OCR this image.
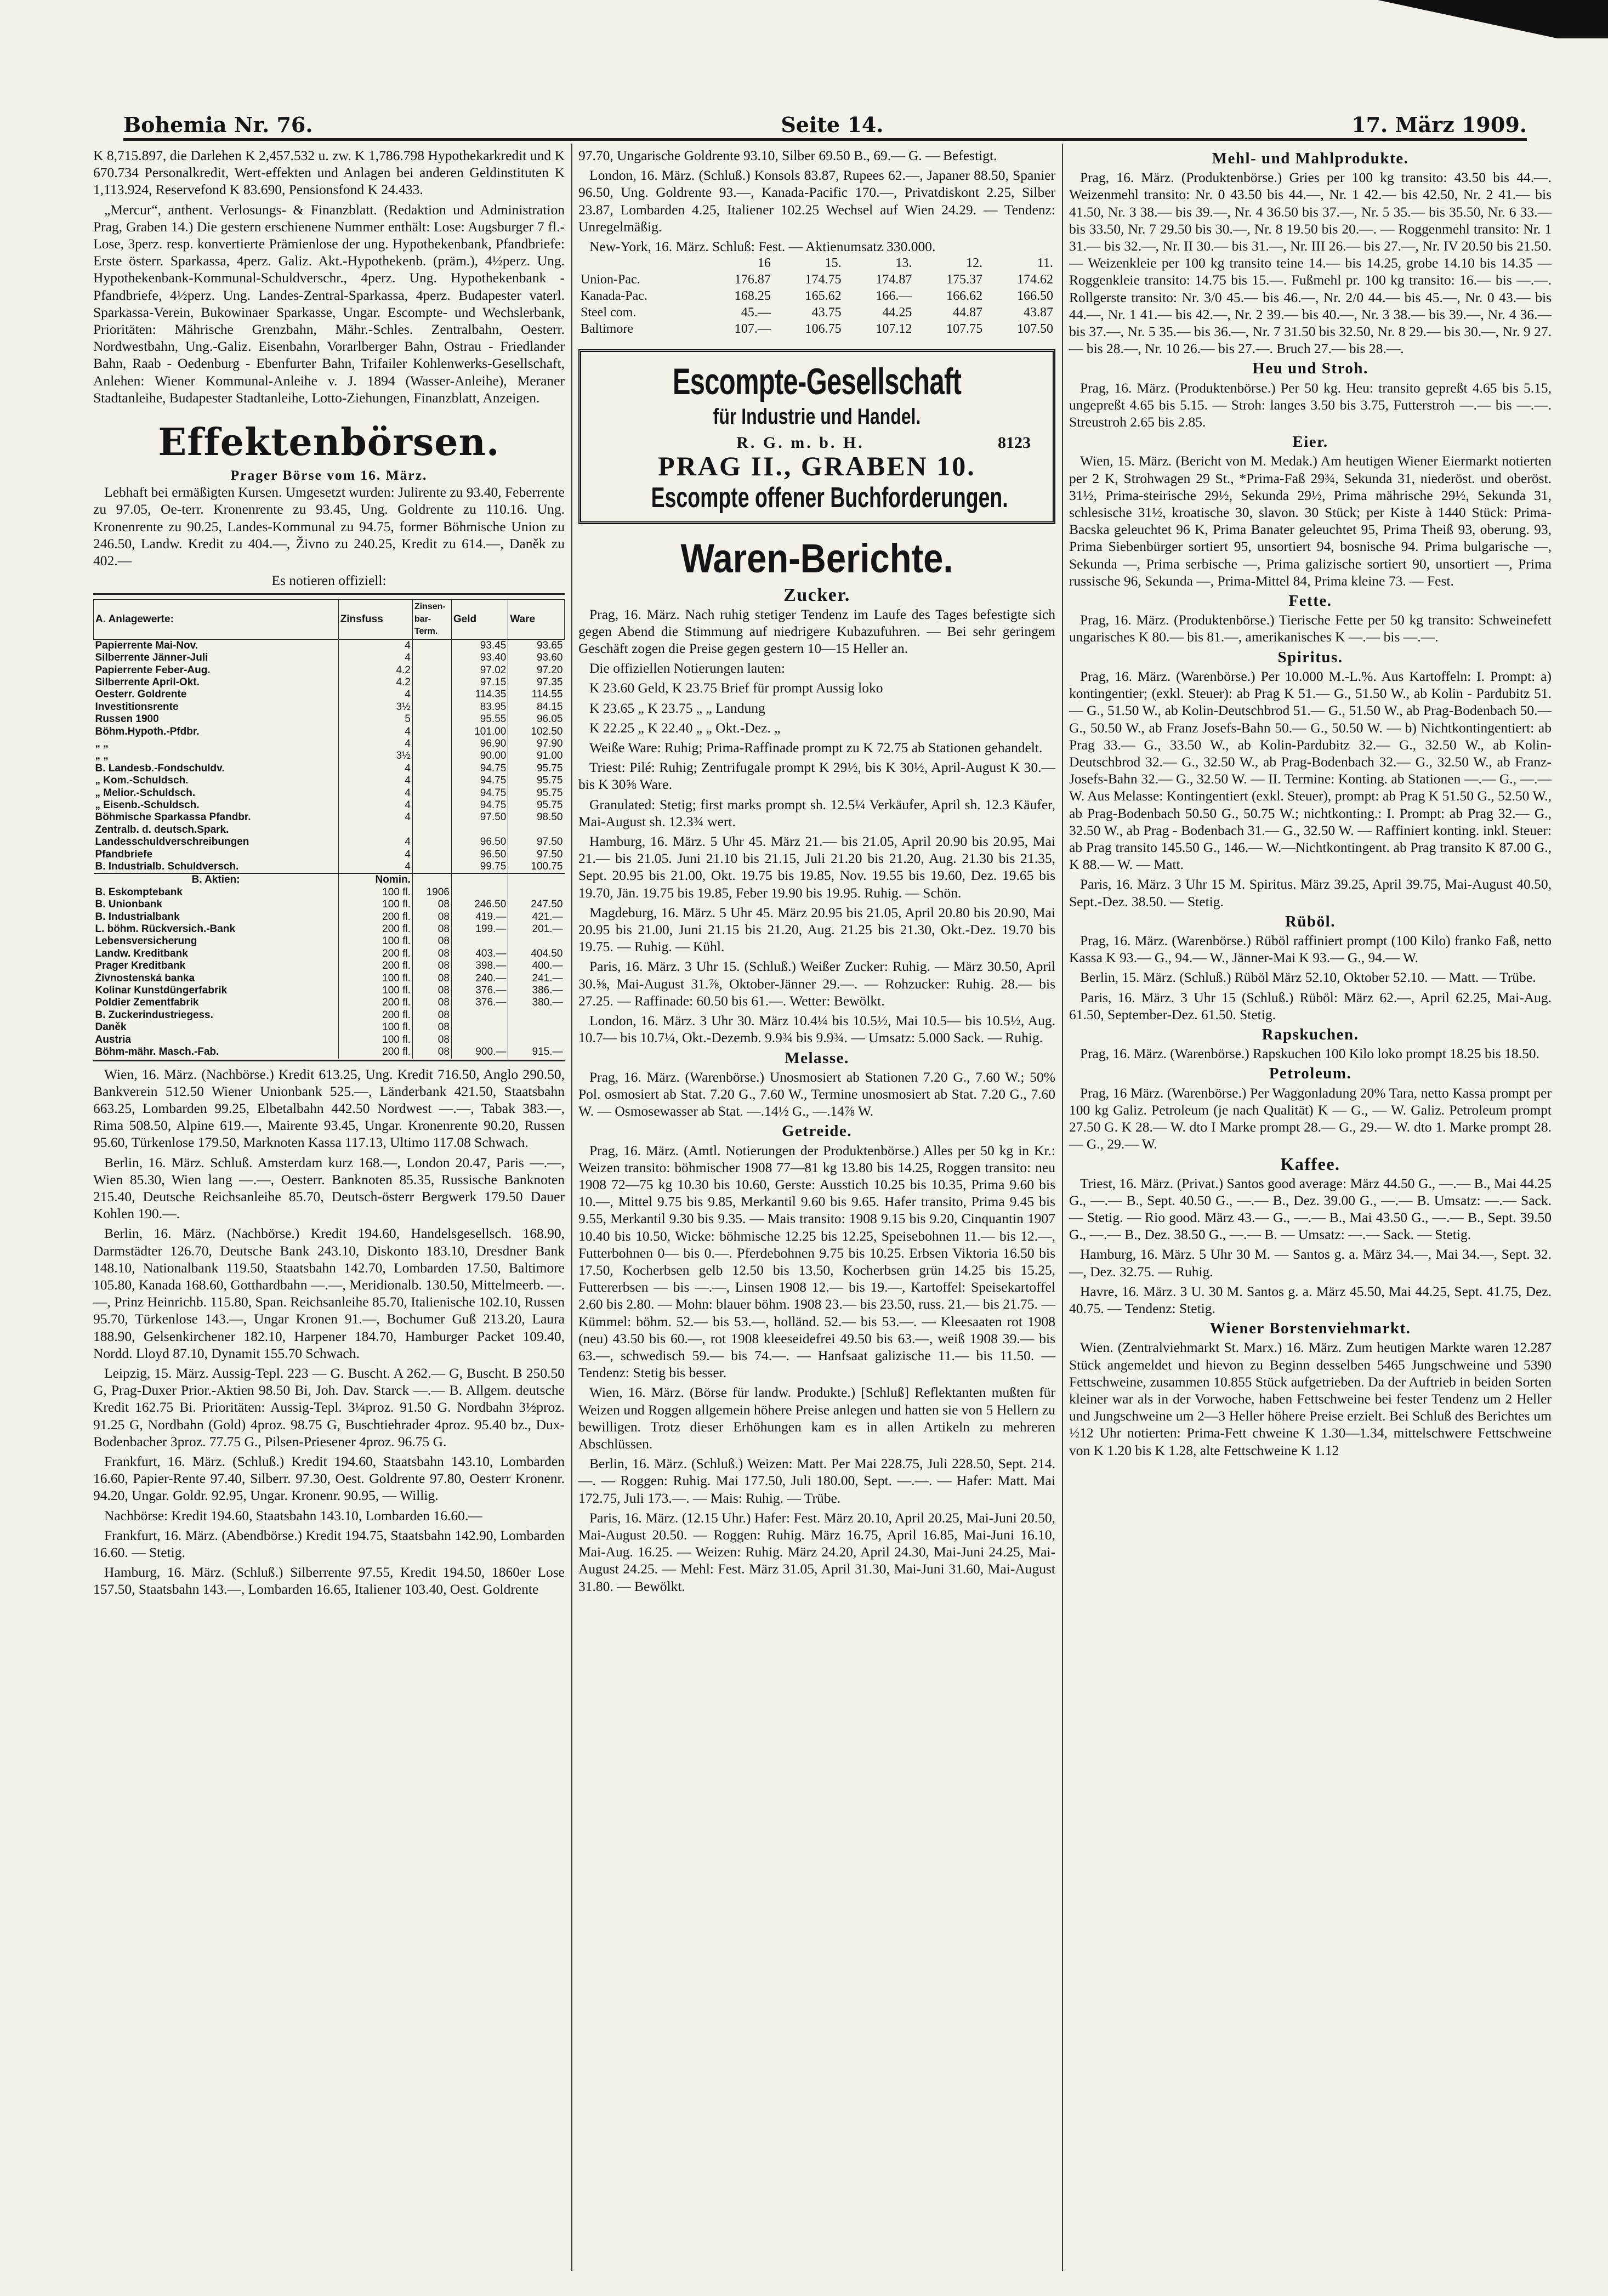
Bohemia Nr. 76.	Seite 14.	17. März 1909.

K 8,715.897, die Darlehen K 2,457.532 u. zw. K 1,786.798 Hypothekarkredit und K 670.734 Personalkredit, Wert-effekten und Anlagen bei anderen Geldinstituten K 1,113.924, Reservefond K 83.690, Pensionsfond K 24.433.

„Mercur“, anthent. Verlosungs- & Finanzblatt. (Redaktion und Administration Prag, Graben 14.) Die gestern erschienene Nummer enthält: Lose: Augsburger 7 fl.-Lose, 3perz. resp. konvertierte Prämienlose der ung. Hypothekenbank, Pfandbriefe: Erste österr. Sparkassa, 4perz. Galiz. Akt.-Hypothekenb. (präm.), 4½perz. Ung. Hypothekenbank-Kommunal-Schuldverschr., 4perz. Ung. Hypothekenbank - Pfandbriefe, 4½perz. Ung. Landes-Zentral-Sparkassa, 4perz. Budapester vaterl. Sparkassa-Verein, Bukowinaer Sparkasse, Ungar. Escompte- und Wechslerbank, Prioritäten: Mährische Grenzbahn, Mähr.-Schles. Zentralbahn, Oesterr. Nordwestbahn, Ung.-Galiz. Eisenbahn, Vorarlberger Bahn, Ostrau - Friedlander Bahn, Raab - Oedenburg - Ebenfurter Bahn, Trifailer Kohlenwerks-Gesellschaft, Anlehen: Wiener Kommunal-Anleihe v. J. 1894 (Wasser-Anleihe), Meraner Stadtanleihe, Budapester Stadtanleihe, Lotto-Ziehungen, Finanzblatt, Anzeigen.

Effektenbörsen.
Prager Börse vom 16. März.

Lebhaft bei ermäßigten Kursen. Umgesetzt wurden: Julirente zu 93.40, Feberrente zu 97.05, Oe-terr. Kronenrente zu 93.45, Ung. Goldrente zu 110.16. Ung. Kronenrente zu 90.25, Landes-Kommunal zu 94.75, former Böhmische Union zu 246.50, Landw. Kredit zu 404.—, Živno zu 240.25, Kredit zu 614.—, Daněk zu 402.—

Es notieren offiziell:
A. Anlagewerte:	Zinsfuss	Zinsen-bar-Term.	Geld	Ware
Papierrente Mai-Nov.	4		93.45	93.65
Silberrente Jänner-Juli	4		93.40	93.60
Papierrente Feber-Aug.	4.2		97.02	97.20
Silberrente April-Okt.	4.2		97.15	97.35
Oesterr. Goldrente	4		114.35	114.55
Investitionsrente	3½		83.95	84.15
Russen 1900	5		95.55	96.05
Böhm.Hypoth.-Pfdbr.	4		101.00	102.50
„ „	4		96.90	97.90
„ „	3½		90.00	91.00
B. Landesb.-Fondschuldv.	4		94.75	95.75
„ Kom.-Schuldsch.	4		94.75	95.75
„ Melior.-Schuldsch.	4		94.75	95.75
„ Eisenb.-Schuldsch.	4		94.75	95.75
Böhmische Sparkassa Pfandbr.	4		97.50	98.50
Zentralb. d. deutsch.Spark.				
Landesschuldverschreibungen	4		96.50	97.50
Pfandbriefe	4		96.50	97.50
B. Industrialb. Schuldversch.	4		99.75	100.75
B. Aktien:	Nomin.			
B. Eskomptebank	100 fl.	1906		
B. Unionbank	100 fl.	08	246.50	247.50
B. Industrialbank	200 fl.	08	419.—	421.—
L. böhm. Rückversich.-Bank	200 fl.	08	199.—	201.—
Lebensversicherung	100 fl.	08		
Landw. Kreditbank	200 fl.	08	403.—	404.50
Prager Kreditbank	200 fl.	08	398.—	400.—
Živnostenská banka	100 fl.	08	240.—	241.—
Kolinar Kunstdüngerfabrik	100 fl.	08	376.—	386.—
Poldier Zementfabrik	200 fl.	08	376.—	380.—
B. Zuckerindustriegess.	200 fl.	08		
Daněk	100 fl.	08		
Austria	100 fl.	08		
Böhm-mähr. Masch.-Fab.	200 fl.	08	900.—	915.—

Wien, 16. März. (Nachbörse.) Kredit 613.25, Ung. Kredit 716.50, Anglo 290.50, Bankverein 512.50 Wiener Unionbank 525.—, Länderbank 421.50, Staatsbahn 663.25, Lombarden 99.25, Elbetalbahn 442.50 Nordwest —.—, Tabak 383.—, Rima 508.50, Alpine 619.—, Mairente 93.45, Ungar. Kronenrente 90.20, Russen 95.60, Türkenlose 179.50, Marknoten Kassa 117.13, Ultimo 117.08 Schwach.

Berlin, 16. März. Schluß. Amsterdam kurz 168.—, London 20.47, Paris —.—, Wien 85.30, Wien lang —.—, Oesterr. Banknoten 85.35, Russische Banknoten 215.40, Deutsche Reichsanleihe 85.70, Deutsch-österr Bergwerk 179.50 Dauer Kohlen 190.—.

Berlin, 16. März. (Nachbörse.) Kredit 194.60, Handelsgesellsch. 168.90, Darmstädter 126.70, Deutsche Bank 243.10, Diskonto 183.10, Dresdner Bank 148.10, Nationalbank 119.50, Staatsbahn 142.70, Lombarden 17.50, Baltimore 105.80, Kanada 168.60, Gotthardbahn —.—, Meridionalb. 130.50, Mittelmeerb. —.—, Prinz Heinrichb. 115.80, Span. Reichsanleihe 85.70, Italienische 102.10, Russen 95.70, Türkenlose 143.—, Ungar Kronen 91.—, Bochumer Guß 213.20, Laura 188.90, Gelsenkirchener 182.10, Harpener 184.70, Hamburger Packet 109.40, Nordd. Lloyd 87.10, Dynamit 155.70 Schwach.

Leipzig, 15. März. Aussig-Tepl. 223 — G. Buscht. A 262.— G, Buscht. B 250.50 G, Prag-Duxer Prior.-Aktien 98.50 Bi, Joh. Dav. Starck —.— B. Allgem. deutsche Kredit 162.75 Bi. Prioritäten: Aussig-Tepl. 3¼proz. 91.50 G. Nordbahn 3½proz. 91.25 G, Nordbahn (Gold) 4proz. 98.75 G, Buschtiehrader 4proz. 95.40 bz., Dux-Bodenbacher 3proz. 77.75 G., Pilsen-Priesener 4proz. 96.75 G.

Frankfurt, 16. März. (Schluß.) Kredit 194.60, Staatsbahn 143.10, Lombarden 16.60, Papier-Rente 97.40, Silberr. 97.30, Oest. Goldrente 97.80, Oesterr Kronenr. 94.20, Ungar. Goldr. 92.95, Ungar. Kronenr. 90.95, — Willig.

Nachbörse: Kredit 194.60, Staatsbahn 143.10, Lombarden 16.60.—

Frankfurt, 16. März. (Abendbörse.) Kredit 194.75, Staatsbahn 142.90, Lombarden 16.60. — Stetig.

Hamburg, 16. März. (Schluß.) Silberrente 97.55, Kredit 194.50, 1860er Lose 157.50, Staatsbahn 143.—, Lombarden 16.65, Italiener 103.40, Oest. Goldrente

97.70, Ungarische Goldrente 93.10, Silber 69.50 B., 69.— G. — Befestigt.

London, 16. März. (Schluß.) Konsols 83.87, Rupees 62.—, Japaner 88.50, Spanier 96.50, Ung. Goldrente 93.—, Kanada-Pacific 170.—, Privatdiskont 2.25, Silber 23.87, Lombarden 4.25, Italiener 102.25 Wechsel auf Wien 24.29. — Tendenz: Unregelmäßig.

New-York, 16. März. Schluß: Fest. — Aktienumsatz 330.000.

	16	15.	13.	12.	11.
Union-Pac.	176.87	174.75	174.87	175.37	174.62
Kanada-Pac.	168.25	165.62	166.—	166.62	166.50
Steel com.	45.—	43.75	44.25	44.87	43.87
Baltimore	107.—	106.75	107.12	107.75	107.50
Escompte-Gesellschaft
für Industrie und Handel.
R. G. m. b. H.	8123
PRAG II., GRABEN 10.
Escompte offener Buchforderungen.
Waren-Berichte.
Zucker.

Prag, 16. März. Nach ruhig stetiger Tendenz im Laufe des Tages befestigte sich gegen Abend die Stimmung auf niedrigere Kubazufuhren. — Bei sehr geringem Geschäft zogen die Preise gegen gestern 10—15 Heller an.

Die offiziellen Notierungen lauten:

K 23.60 Geld, K 23.75 Brief für prompt Aussig loko

K 23.65 „ K 23.75 „ „ Landung

K 22.25 „ K 22.40 „ „ Okt.-Dez. „

Weiße Ware: Ruhig; Prima-Raffinade prompt zu K 72.75 ab Stationen gehandelt.

Triest: Pilé: Ruhig; Zentrifugale prompt K 29½, bis K 30½, April-August K 30.— bis K 30⅝ Ware.

Granulated: Stetig; first marks prompt sh. 12.5¼ Verkäufer, April sh. 12.3 Käufer, Mai-August sh. 12.3¾ wert.

Hamburg, 16. März. 5 Uhr 45. März 21.— bis 21.05, April 20.90 bis 20.95, Mai 21.— bis 21.05. Juni 21.10 bis 21.15, Juli 21.20 bis 21.20, Aug. 21.30 bis 21.35, Sept. 20.95 bis 21.00, Okt. 19.75 bis 19.85, Nov. 19.55 bis 19.60, Dez. 19.65 bis 19.70, Jän. 19.75 bis 19.85, Feber 19.90 bis 19.95. Ruhig. — Schön.

Magdeburg, 16. März. 5 Uhr 45. März 20.95 bis 21.05, April 20.80 bis 20.90, Mai 20.95 bis 21.00, Juni 21.15 bis 21.20, Aug. 21.25 bis 21.30, Okt.-Dez. 19.70 bis 19.75. — Ruhig. — Kühl.

Paris, 16. März. 3 Uhr 15. (Schluß.) Weißer Zucker: Ruhig. — März 30.50, April 30.⅝, Mai-August 31.⅞, Oktober-Jänner 29.—. — Rohzucker: Ruhig. 28.— bis 27.25. — Raffinade: 60.50 bis 61.—. Wetter: Bewölkt.

London, 16. März. 3 Uhr 30. März 10.4¼ bis 10.5½, Mai 10.5— bis 10.5½, Aug. 10.7— bis 10.7¼, Okt.-Dezemb. 9.9¾ bis 9.9¾. — Umsatz: 5.000 Sack. — Ruhig.

Melasse.

Prag, 16. März. (Warenbörse.) Unosmosiert ab Stationen 7.20 G., 7.60 W.; 50% Pol. osmosiert ab Stat. 7.20 G., 7.60 W., Termine unosmosiert ab Stat. 7.20 G., 7.60 W. — Osmosewasser ab Stat. —.14½ G., —.14⅞ W.

Getreide.

Prag, 16. März. (Amtl. Notierungen der Produktenbörse.) Alles per 50 kg in Kr.: Weizen transito: böhmischer 1908 77—81 kg 13.80 bis 14.25, Roggen transito: neu 1908 72—75 kg 10.30 bis 10.60, Gerste: Ausstich 10.25 bis 10.35, Prima 9.60 bis 10.—, Mittel 9.75 bis 9.85, Merkantil 9.60 bis 9.65. Hafer transito, Prima 9.45 bis 9.55, Merkantil 9.30 bis 9.35. — Mais transito: 1908 9.15 bis 9.20, Cinquantin 1907 10.40 bis 10.50, Wicke: böhmische 12.25 bis 12.25, Speisebohnen 11.— bis 12.—, Futterbohnen 0— bis 0.—. Pferdebohnen 9.75 bis 10.25. Erbsen Viktoria 16.50 bis 17.50, Kocherbsen gelb 12.50 bis 13.50, Kocherbsen grün 14.25 bis 15.25, Futtererbsen — bis —.—, Linsen 1908 12.— bis 19.—, Kartoffel: Speisekartoffel 2.60 bis 2.80. — Mohn: blauer böhm. 1908 23.— bis 23.50, russ. 21.— bis 21.75. — Kümmel: böhm. 52.— bis 53.—, holländ. 52.— bis 53.—. — Kleesaaten rot 1908 (neu) 43.50 bis 60.—, rot 1908 kleeseidefrei 49.50 bis 63.—, weiß 1908 39.— bis 63.—, schwedisch 59.— bis 74.—. — Hanfsaat galizische 11.— bis 11.50. — Tendenz: Stetig bis besser.

Wien, 16. März. (Börse für landw. Produkte.) [Schluß] Reflektanten mußten für Weizen und Roggen allgemein höhere Preise anlegen und hatten sie von 5 Hellern zu bewilligen. Trotz dieser Erhöhungen kam es in allen Artikeln zu mehreren Abschlüssen.

Berlin, 16. März. (Schluß.) Weizen: Matt. Per Mai 228.75, Juli 228.50, Sept. 214.—. — Roggen: Ruhig. Mai 177.50, Juli 180.00, Sept. —.—. — Hafer: Matt. Mai 172.75, Juli 173.—. — Mais: Ruhig. — Trübe.

Paris, 16. März. (12.15 Uhr.) Hafer: Fest. März 20.10, April 20.25, Mai-Juni 20.50, Mai-August 20.50. — Roggen: Ruhig. März 16.75, April 16.85, Mai-Juni 16.10, Mai-Aug. 16.25. — Weizen: Ruhig. März 24.20, April 24.30, Mai-Juni 24.25, Mai-August 24.25. — Mehl: Fest. März 31.05, April 31.30, Mai-Juni 31.60, Mai-August 31.80. — Bewölkt.

Mehl- und Mahlprodukte.

Prag, 16. März. (Produktenbörse.) Gries per 100 kg transito: 43.50 bis 44.—. Weizenmehl transito: Nr. 0 43.50 bis 44.—, Nr. 1 42.— bis 42.50, Nr. 2 41.— bis 41.50, Nr. 3 38.— bis 39.—, Nr. 4 36.50 bis 37.—, Nr. 5 35.— bis 35.50, Nr. 6 33.— bis 33.50, Nr. 7 29.50 bis 30.—, Nr. 8 19.50 bis 20.—. — Roggenmehl transito: Nr. 1 31.— bis 32.—, Nr. II 30.— bis 31.—, Nr. III 26.— bis 27.—, Nr. IV 20.50 bis 21.50. — Weizenkleie per 100 kg transito teine 14.— bis 14.25, grobe 14.10 bis 14.35 — Roggenkleie transito: 14.75 bis 15.—. Fußmehl pr. 100 kg transito: 16.— bis —.—. Rollgerste transito: Nr. 3/0 45.— bis 46.—, Nr. 2/0 44.— bis 45.—, Nr. 0 43.— bis 44.—, Nr. 1 41.— bis 42.—, Nr. 2 39.— bis 40.—, Nr. 3 38.— bis 39.—, Nr. 4 36.— bis 37.—, Nr. 5 35.— bis 36.—, Nr. 7 31.50 bis 32.50, Nr. 8 29.— bis 30.—, Nr. 9 27.— bis 28.—, Nr. 10 26.— bis 27.—. Bruch 27.— bis 28.—.

Heu und Stroh.

Prag, 16. März. (Produktenbörse.) Per 50 kg. Heu: transito gepreßt 4.65 bis 5.15, ungepreßt 4.65 bis 5.15. — Stroh: langes 3.50 bis 3.75, Futterstroh —.— bis —.—. Streustroh 2.65 bis 2.85.

Eier.

Wien, 15. März. (Bericht von M. Medak.) Am heutigen Wiener Eiermarkt notierten per 2 K, Strohwagen 29 St., *Prima-Faß 29¾, Sekunda 31, niederöst. und oberöst. 31½, Prima-steirische 29½, Sekunda 29½, Prima mährische 29½, Sekunda 31, schlesische 31½, kroatische 30, slavon. 30 Stück; per Kiste à 1440 Stück: Prima-Bacska geleuchtet 96 K, Prima Banater geleuchtet 95, Prima Theiß 93, oberung. 93, Prima Siebenbürger sortiert 95, unsortiert 94, bosnische 94. Prima bulgarische —, Sekunda —, Prima serbische —, Prima galizische sortiert 90, unsortiert —, Prima russische 96, Sekunda —, Prima-Mittel 84, Prima kleine 73. — Fest.

Fette.

Prag, 16. März. (Produktenbörse.) Tierische Fette per 50 kg transito: Schweinefett ungarisches K 80.— bis 81.—, amerikanisches K —.— bis —.—.

Spiritus.

Prag, 16. März. (Warenbörse.) Per 10.000 M.-L.%. Aus Kartoffeln: I. Prompt: a) kontingentier; (exkl. Steuer): ab Prag K 51.— G., 51.50 W., ab Kolin - Pardubitz 51.— G., 51.50 W., ab Kolin-Deutschbrod 51.— G., 51.50 W., ab Prag-Bodenbach 50.— G., 50.50 W., ab Franz Josefs-Bahn 50.— G., 50.50 W. — b) Nichtkontingentiert: ab Prag 33.— G., 33.50 W., ab Kolin-Pardubitz 32.— G., 32.50 W., ab Kolin-Deutschbrod 32.— G., 32.50 W., ab Prag-Bodenbach 32.— G., 32.50 W., ab Franz-Josefs-Bahn 32.— G., 32.50 W. — II. Termine: Konting. ab Stationen —.— G., —.— W. Aus Melasse: Kontingentiert (exkl. Steuer), prompt: ab Prag K 51.50 G., 52.50 W., ab Prag-Bodenbach 50.50 G., 50.75 W.; nichtkonting.: I. Prompt: ab Prag 32.— G., 32.50 W., ab Prag - Bodenbach 31.— G., 32.50 W. — Raffiniert konting. inkl. Steuer: ab Prag transito 145.50 G., 146.— W.—Nichtkontingent. ab Prag transito K 87.00 G., K 88.— W. — Matt.

Paris, 16. März. 3 Uhr 15 M. Spiritus. März 39.25, April 39.75, Mai-August 40.50, Sept.-Dez. 38.50. — Stetig.

Rüböl.

Prag, 16. März. (Warenbörse.) Rüböl raffiniert prompt (100 Kilo) franko Faß, netto Kassa K 93.— G., 94.— W., Jänner-Mai K 93.— G., 94.— W.

Berlin, 15. März. (Schluß.) Rüböl März 52.10, Oktober 52.10. — Matt. — Trübe.

Paris, 16. März. 3 Uhr 15 (Schluß.) Rüböl: März 62.—, April 62.25, Mai-Aug. 61.50, September-Dez. 61.50. Stetig.

Rapskuchen.

Prag, 16. März. (Warenbörse.) Rapskuchen 100 Kilo loko prompt 18.25 bis 18.50.

Petroleum.

Prag, 16 März. (Warenbörse.) Per Waggonladung 20% Tara, netto Kassa prompt per 100 kg Galiz. Petroleum (je nach Qualität) K — G., — W. Galiz. Petroleum prompt 27.50 G. K 28.— W. dto I Marke prompt 28.— G., 29.— W. dto 1. Marke prompt 28.— G., 29.— W.

Kaffee.

Triest, 16. März. (Privat.) Santos good average: März 44.50 G., —.— B., Mai 44.25 G., —.— B., Sept. 40.50 G., —.— B., Dez. 39.00 G., —.— B. Umsatz: —.— Sack. — Stetig. — Rio good. März 43.— G., —.— B., Mai 43.50 G., —.— B., Sept. 39.50 G., —.— B., Dez. 38.50 G., —.— B. — Umsatz: —.— Sack. — Stetig.

Hamburg, 16. März. 5 Uhr 30 M. — Santos g. a. März 34.—, Mai 34.—, Sept. 32.—, Dez. 32.75. — Ruhig.

Havre, 16. März. 3 U. 30 M. Santos g. a. März 45.50, Mai 44.25, Sept. 41.75, Dez. 40.75. — Tendenz: Stetig.

Wiener Borstenviehmarkt.

Wien. (Zentralviehmarkt St. Marx.) 16. März. Zum heutigen Markte waren 12.287 Stück angemeldet und hievon zu Beginn desselben 5465 Jungschweine und 5390 Fettschweine, zusammen 10.855 Stück aufgetrieben. Da der Auftrieb in beiden Sorten kleiner war als in der Vorwoche, haben Fettschweine bei fester Tendenz um 2 Heller und Jungschweine um 2—3 Heller höhere Preise erzielt. Bei Schluß des Berichtes um ½12 Uhr notierten: Prima-Fett chweine K 1.30—1.34, mittelschwere Fettschweine von K 1.20 bis K 1.28, alte Fettschweine K 1.12
